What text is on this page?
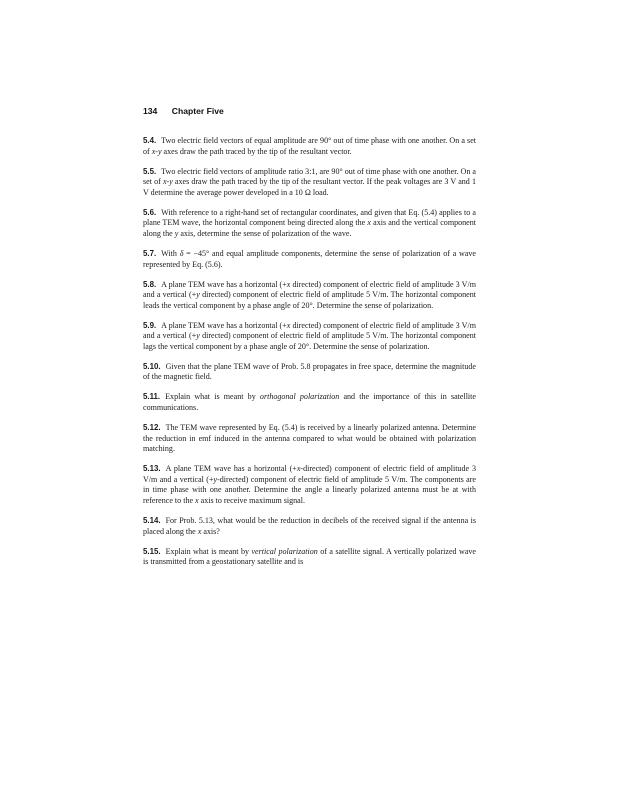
134 Chapter Five

5.4. Two electric field vectors of equal amplitude are 90° out of time phase with one another. On a set of x-y axes draw the path traced by the tip of the resultant vector.

5.5. Two electric field vectors of amplitude ratio 3:1, are 90° out of time phase with one another. On a set of x-y axes draw the path traced by the tip of the resultant vector. If the peak voltages are 3 V and 1 V determine the average power developed in a 10 Ω load.

5.6. With reference to a right-hand set of rectangular coordinates, and given that Eq. (5.4) applies to a plane TEM wave, the horizontal component being directed along the x axis and the vertical component along the y axis, determine the sense of polarization of the wave.

5.7. With δ = −45° and equal amplitude components, determine the sense of polarization of a wave represented by Eq. (5.6).

5.8. A plane TEM wave has a horizontal (+x directed) component of electric field of amplitude 3 V/m and a vertical (+y directed) component of electric field of amplitude 5 V/m. The horizontal component leads the vertical component by a phase angle of 20°. Determine the sense of polarization.

5.9. A plane TEM wave has a horizontal (+x directed) component of electric field of amplitude 3 V/m and a vertical (+y directed) component of electric field of amplitude 5 V/m. The horizontal component lags the vertical component by a phase angle of 20°. Determine the sense of polarization.

5.10. Given that the plane TEM wave of Prob. 5.8 propagates in free space, determine the magnitude of the magnetic field.

5.11. Explain what is meant by orthogonal polarization and the importance of this in satellite communications.

5.12. The TEM wave represented by Eq. (5.4) is received by a linearly polarized antenna. Determine the reduction in emf induced in the antenna compared to what would be obtained with polarization matching.

5.13. A plane TEM wave has a horizontal (+x-directed) component of electric field of amplitude 3 V/m and a vertical (+y-directed) component of electric field of amplitude 5 V/m. The components are in time phase with one another. Determine the angle a linearly polarized antenna must be at with reference to the x axis to receive maximum signal.

5.14. For Prob. 5.13, what would be the reduction in decibels of the received signal if the antenna is placed along the x axis?

5.15. Explain what is meant by vertical polarization of a satellite signal. A vertically polarized wave is transmitted from a geostationary satellite and is
